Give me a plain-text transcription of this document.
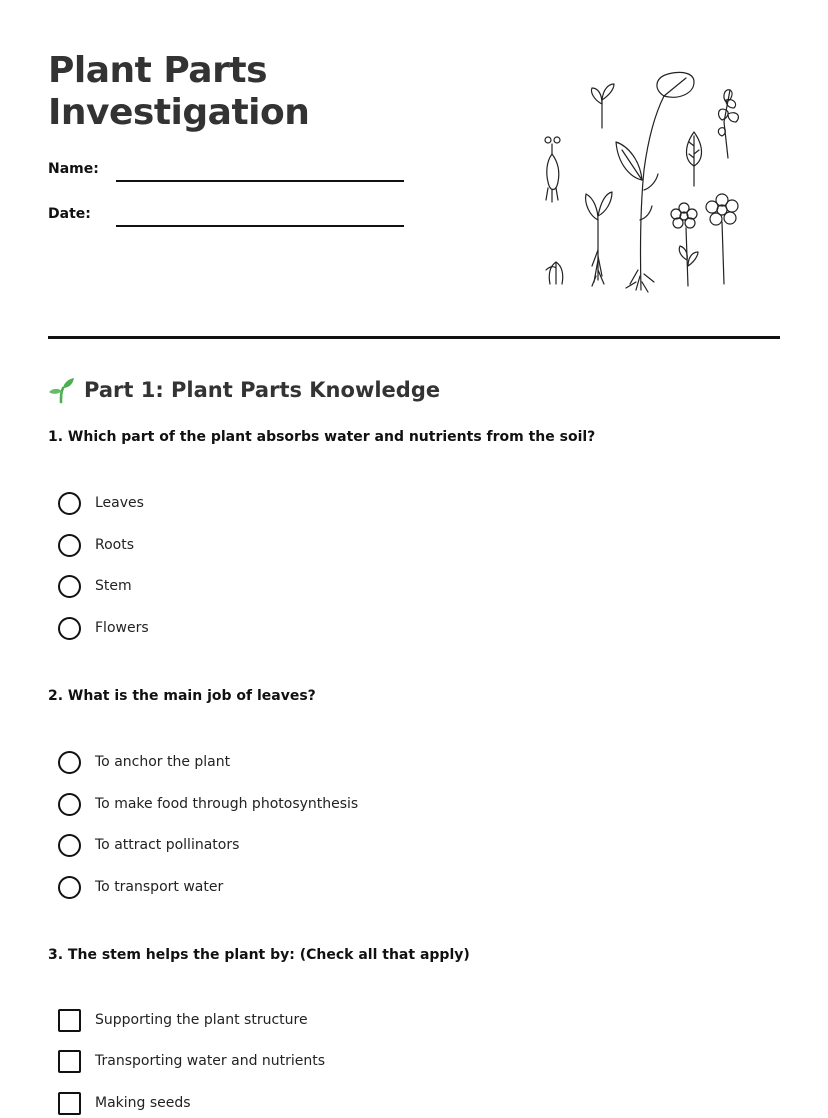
Plant Parts
Investigation
Name:
Date:
Part 1: Plant Parts Knowledge
1. Which part of the plant absorbs water and nutrients from the soil?
Leaves
Roots
Stem
Flowers
2. What is the main job of leaves?
To anchor the plant
To make food through photosynthesis
To attract pollinators
To transport water
3. The stem helps the plant by: (Check all that apply)
Supporting the plant structure
Transporting water and nutrients
Making seeds
